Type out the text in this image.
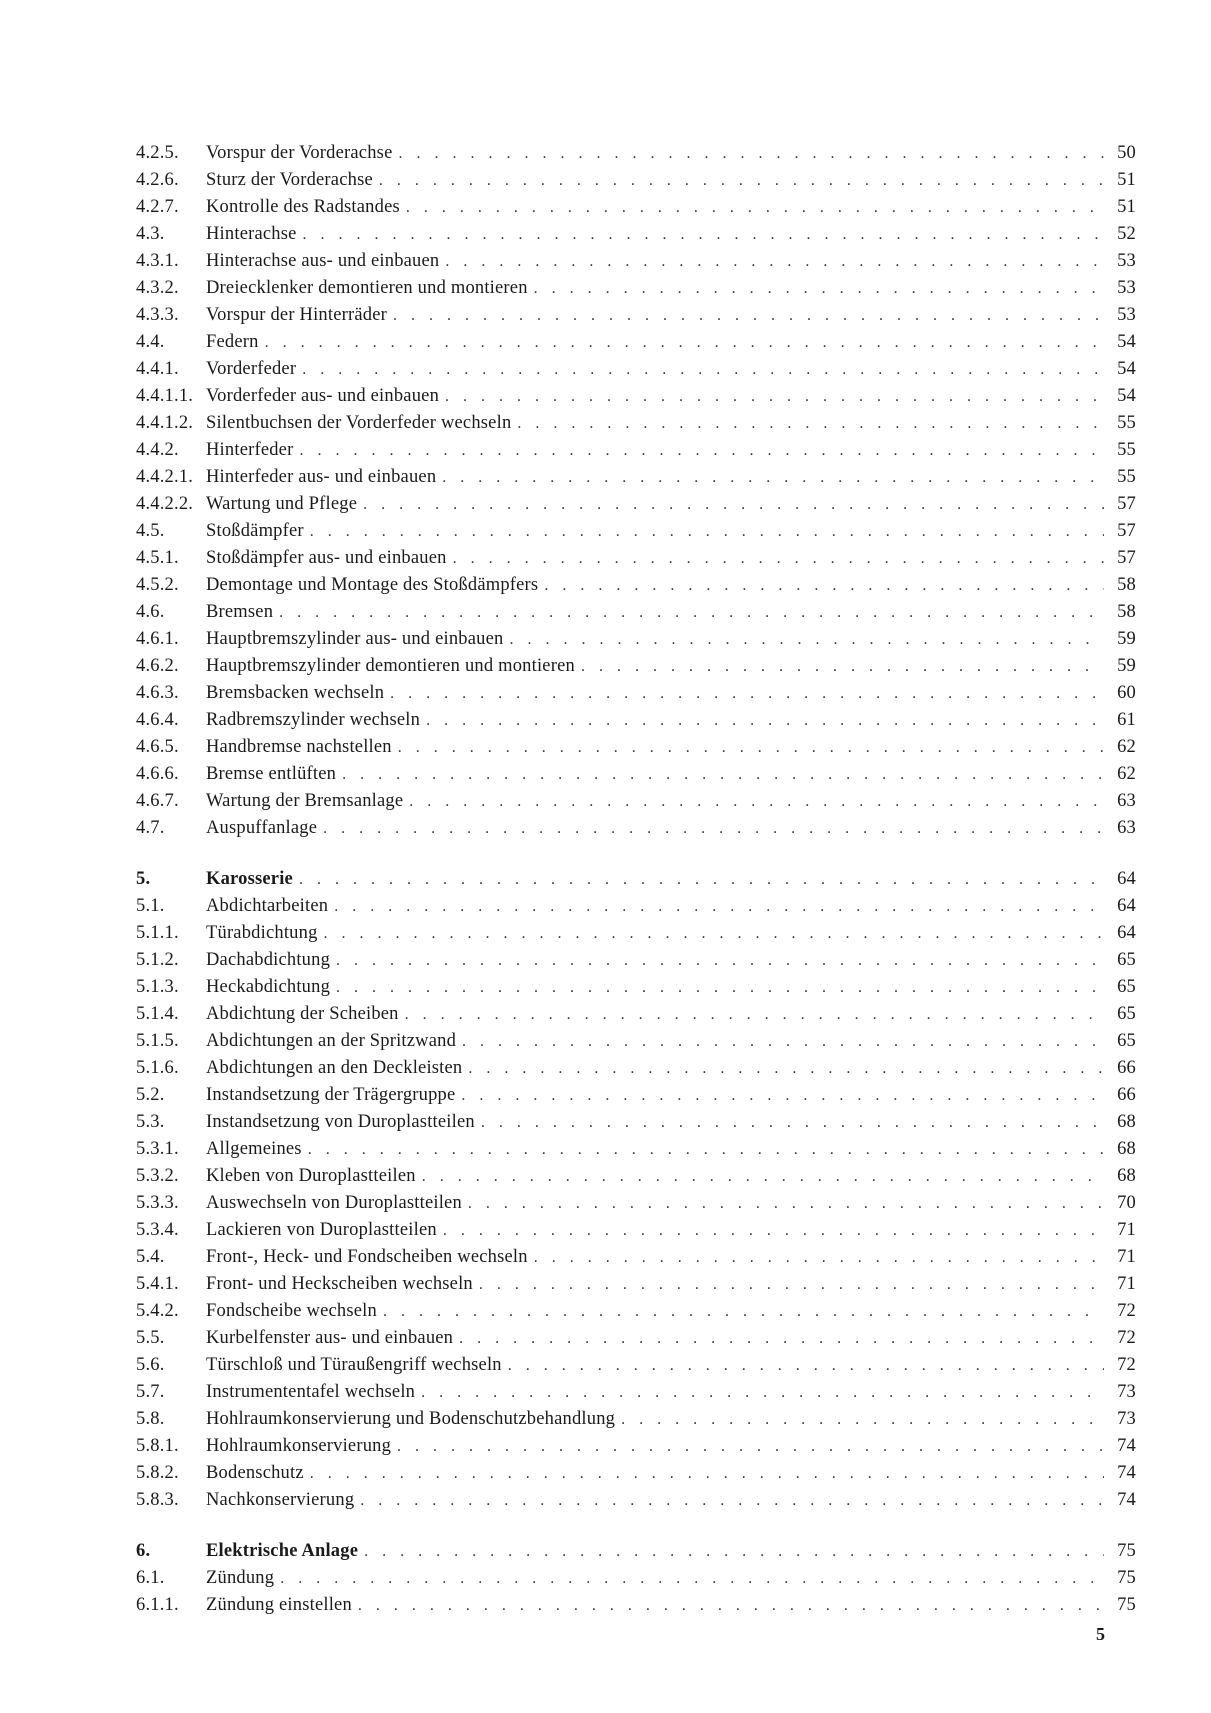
4.2.5.	Vorspur der Vorderachse . . .	50
4.2.6.	Sturz der Vorderachse . . .	51
4.2.7.	Kontrolle des Radstandes . . .	51
4.3.	Hinterachse . . .	52
4.3.1.	Hinterachse aus- und einbauen . . .	53
4.3.2.	Dreiecklenker demontieren und montieren . . .	53
4.3.3.	Vorspur der Hinterräder . . .	53
4.4.	Federn . . .	54
4.4.1.	Vorderfeder . . .	54
4.4.1.1. Vorderfeder aus- und einbauen . . .	54
4.4.1.2. Silentbuchsen der Vorderfeder wechseln . . .	55
4.4.2.	Hinterfeder . . .	55
4.4.2.1. Hinterfeder aus- und einbauen . . .	55
4.4.2.2. Wartung und Pflege . . .	57
4.5.	Stoßdämpfer . . .	57
4.5.1.	Stoßdämpfer aus- und einbauen . . .	57
4.5.2.	Demontage und Montage des Stoßdämpfers . . .	58
4.6.	Bremsen . . .	58
4.6.1.	Hauptbremszylinder aus- und einbauen . . .	59
4.6.2.	Hauptbremszylinder demontieren und montieren . . .	59
4.6.3.	Bremsbacken wechseln . . .	60
4.6.4.	Radbremszylinder wechseln . . .	61
4.6.5.	Handbremse nachstellen . . .	62
4.6.6.	Bremse entlüften . . .	62
4.6.7.	Wartung der Bremsanlage . . .	63
4.7.	Auspuffanlage . . .	63
5.	Karosserie . . .	64
5.1.	Abdichtarbeiten . . .	64
5.1.1.	Türabdichtung . . .	64
5.1.2.	Dachabdichtung . . .	65
5.1.3.	Heckabdichtung . . .	65
5.1.4.	Abdichtung der Scheiben . . .	65
5.1.5.	Abdichtungen an der Spritzwand . . .	65
5.1.6.	Abdichtungen an den Deckleisten . . .	66
5.2.	Instandsetzung der Trägergruppe . . .	66
5.3.	Instandsetzung von Duroplastteilen . . .	68
5.3.1.	Allgemeines . . .	68
5.3.2.	Kleben von Duroplastteilen . . .	68
5.3.3.	Auswechseln von Duroplastteilen . . .	70
5.3.4.	Lackieren von Duroplastteilen . . .	71
5.4.	Front-, Heck- und Fondscheiben wechseln . . .	71
5.4.1.	Front- und Heckscheiben wechseln . . .	71
5.4.2.	Fondscheibe wechseln . . .	72
5.5.	Kurbelfenster aus- und einbauen . . .	72
5.6.	Türschloß und Türaußengriff wechseln . . .	72
5.7.	Instrumententafel wechseln . . .	73
5.8.	Hohlraumkonservierung und Bodenschutzbehandlung . . .	73
5.8.1.	Hohlraumkonservierung . . .	74
5.8.2.	Bodenschutz . . .	74
5.8.3.	Nachkonservierung . . .	74
6.	Elektrische Anlage . . .	75
6.1.	Zündung . . .	75
6.1.1.	Zündung einstellen . . .	75
5
